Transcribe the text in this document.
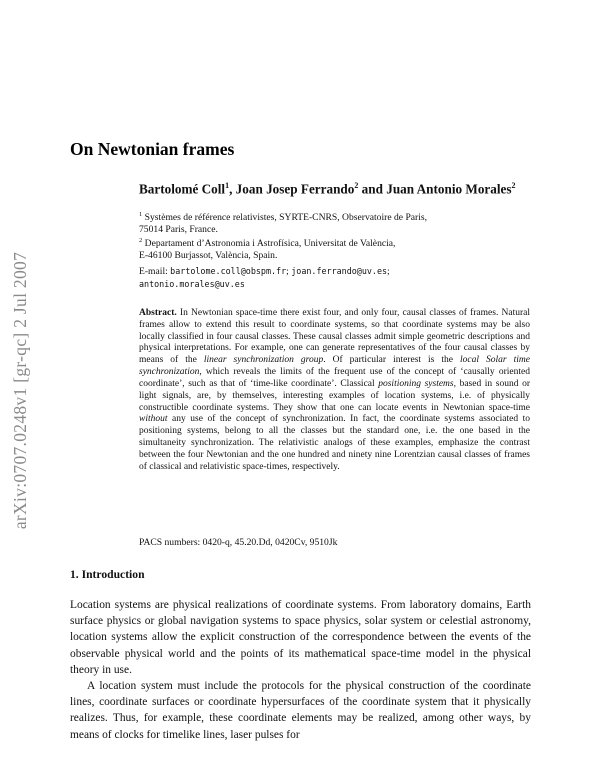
arXiv:0707.0248v1 [gr-qc] 2 Jul 2007
On Newtonian frames

Bartolomé Coll$^1$, Joan Josep Ferrando$^2$ and Juan Antonio Morales$^2$

$^1$ Systèmes de référence relativistes, SYRTE-CNRS, Observatoire de Paris,
75014 Paris, France.
$^2$ Departament d’Astronomia i Astrofísica, Universitat de València,
E-46100 Burjassot, València, Spain.
E-mail: bartolome.coll@obspm.fr; joan.ferrando@uv.es;
antonio.morales@uv.es

Abstract. In Newtonian space-time there exist four, and only four, causal classes of frames. Natural frames allow to extend this result to coordinate systems, so that coordinate systems may be also locally classified in four causal classes. These causal classes admit simple geometric descriptions and physical interpretations. For example, one can generate representatives of the four causal classes by means of the linear synchronization group. Of particular interest is the local Solar time synchronization, which reveals the limits of the frequent use of the concept of ‘causally oriented coordinate’, such as that of ‘time-like coordinate’. Classical positioning systems, based in sound or light signals, are, by themselves, interesting examples of location systems, i.e. of physically constructible coordinate systems. They show that one can locate events in Newtonian space-time without any use of the concept of synchronization. In fact, the coordinate systems associated to positioning systems, belong to all the classes but the standard one, i.e. the one based in the simultaneity synchronization. The relativistic analogs of these examples, emphasize the contrast between the four Newtonian and the one hundred and ninety nine Lorentzian causal classes of frames of classical and relativistic space-times, respectively.

PACS numbers: 0420-q, 45.20.Dd, 0420Cv, 9510Jk
1. Introduction

Location systems are physical realizations of coordinate systems. From laboratory domains, Earth surface physics or global navigation systems to space physics, solar system or celestial astronomy, location systems allow the explicit construction of the correspondence between the events of the observable physical world and the points of its mathematical space-time model in the physical theory in use.

A location system must include the protocols for the physical construction of the coordinate lines, coordinate surfaces or coordinate hypersurfaces of the coordinate system that it physically realizes. Thus, for example, these coordinate elements may be realized, among other ways, by means of clocks for timelike lines, laser pulses for
